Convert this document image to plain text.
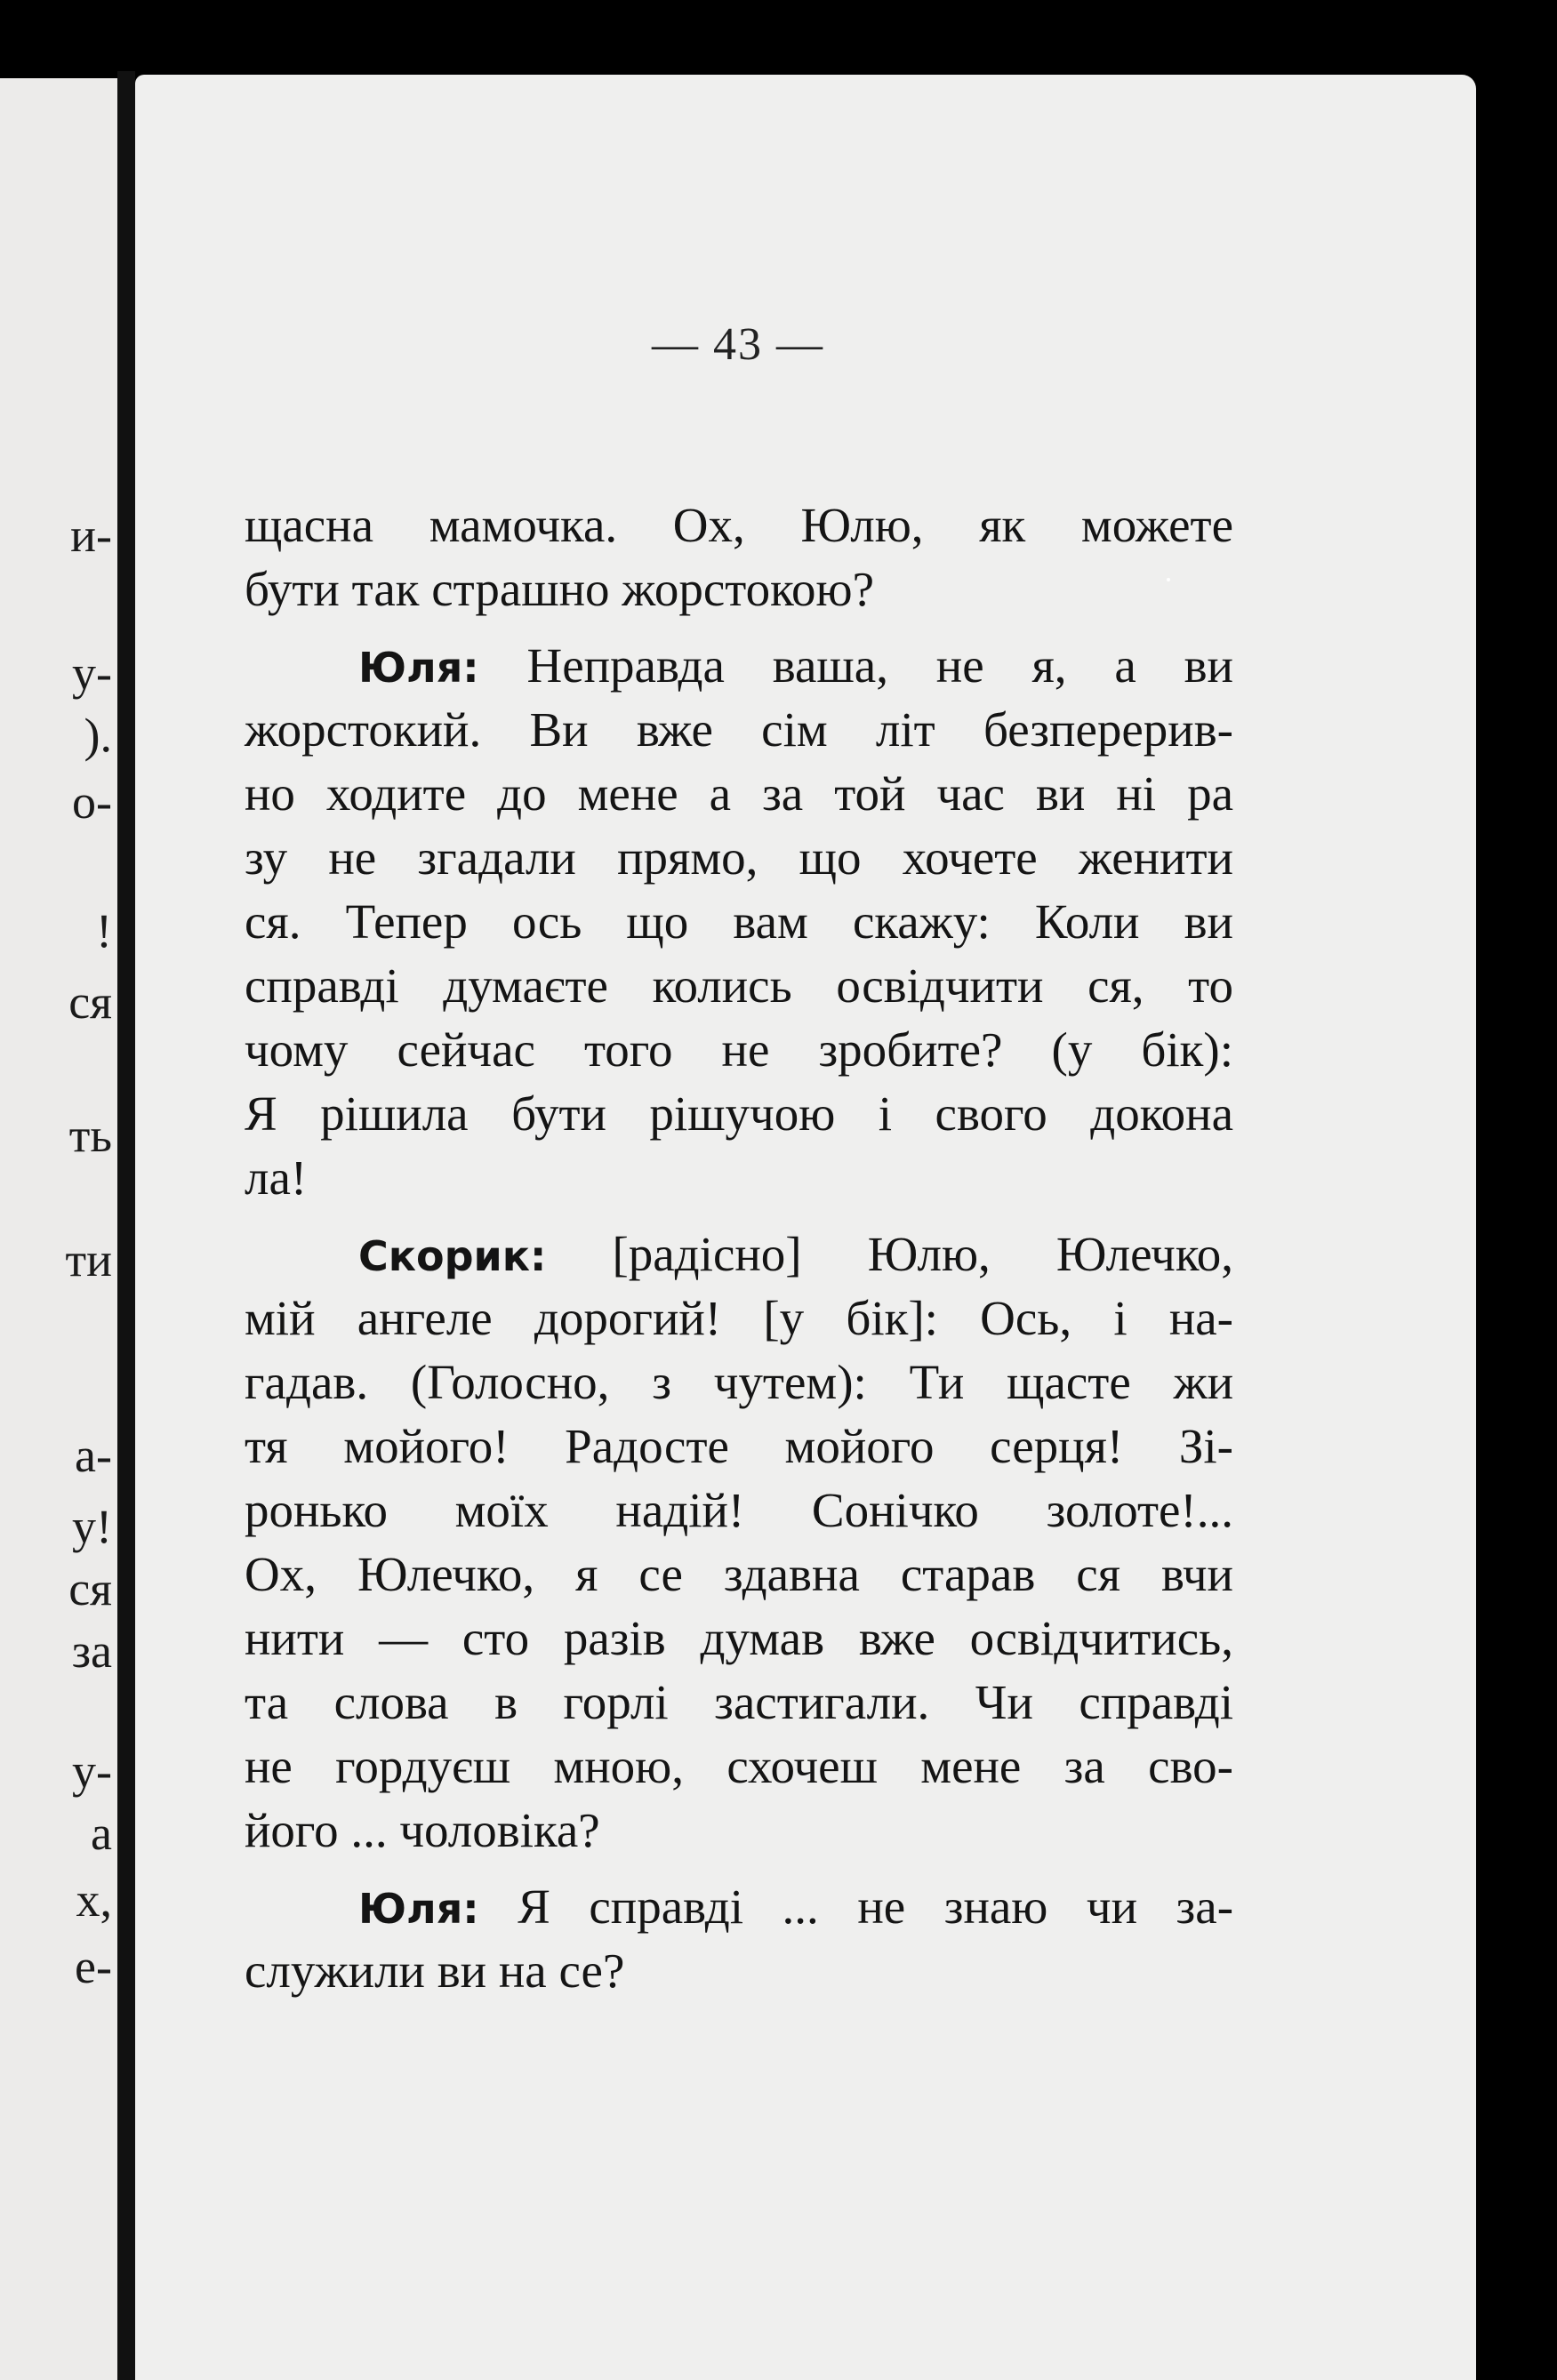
и-
у-
).
о-
!
ся
ть
ти
а-
у!
ся
за
у-
а
х,
е-
— 43 —
щасна мамочка. Ох, Юлю, як можете
бути так страшно жорстокою?
Юля: Неправда ваша, не я, а ви
жорстокий. Ви вже сім літ безперерив-
но ходите до мене а за той час ви ні ра
зу не згадали прямо, що хочете женити
ся. Тепер ось що вам скажу: Коли ви
справді думаєте колись освідчити ся, то
чому сейчас того не зробите? (у бік):
Я рішила бути рішучою і свого докона
ла!
Скорик: [радісно] Юлю, Юлечко,
мій ангеле дорогий! [у бік]: Ось, і на-
гадав. (Голосно, з чутем): Ти щасте жи
тя мойого! Радосте мойого серця! Зі-
ронько моїх надій! Сонічко золоте!...
Ох, Юлечко, я се здавна старав ся вчи
нити — сто разів думав вже освідчитись,
та слова в горлі застигали. Чи справді
не гордуєш мною, схочеш мене за сво-
його ... чоловіка?
Юля: Я справді ... не знаю чи за-
служили ви на се?
